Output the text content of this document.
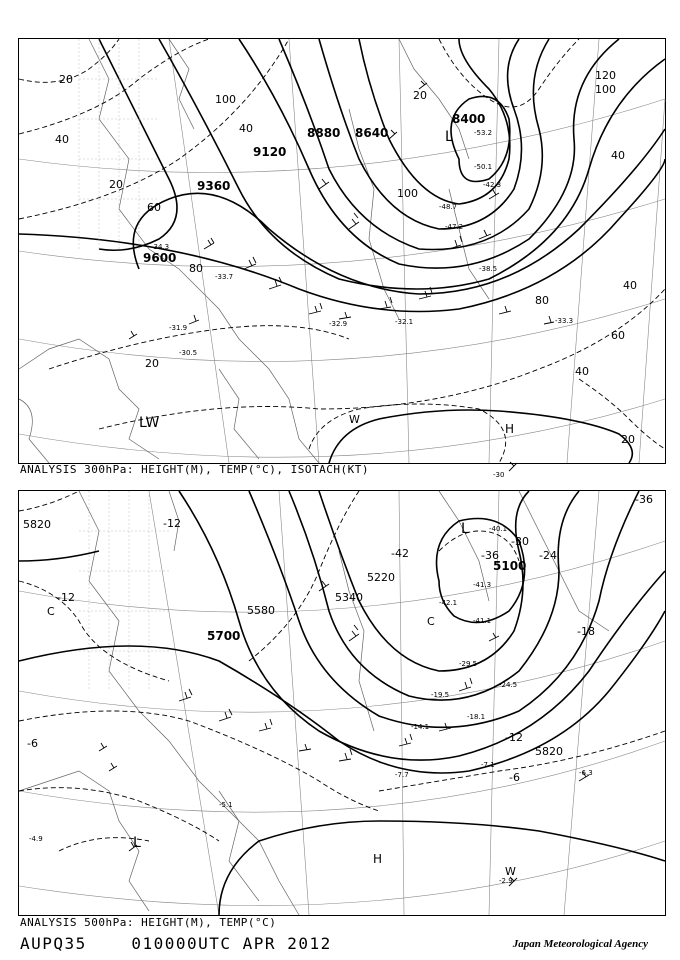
9600
9360
9120
8880 8640
8400
20
40
100
120
100
40
20
60
80
40
60
40
20
80
100
20
40
20
-34.3
-33.7
-32.9	-32.1
-30.5
-31.9
-47.2
-48.7
-53.2
-50.1
-42.3
-38.5
-33.3
-30
L
LW	W
H
ANALYSIS 300hPa: HEIGHT(M), TEMP(°C), ISOTACH(KT)
5820
5580
5700
5340
5220
5100
5820
-12
-12
-42	-36
-30
-24
-18
-12
-6
-36
-6
-42.1
-41.3
-41.1
-40.1
-29.5
-24.5
-19.5
-18.1
-14.1
-7.7
-7.1
-6.3
-5.1
-4.9
-2.9
C
C
L
L
H
W
ANALYSIS 500hPa: HEIGHT(M), TEMP(°C)
AUPQ35	010000UTC APR 2012	Japan Meteorological Agency
